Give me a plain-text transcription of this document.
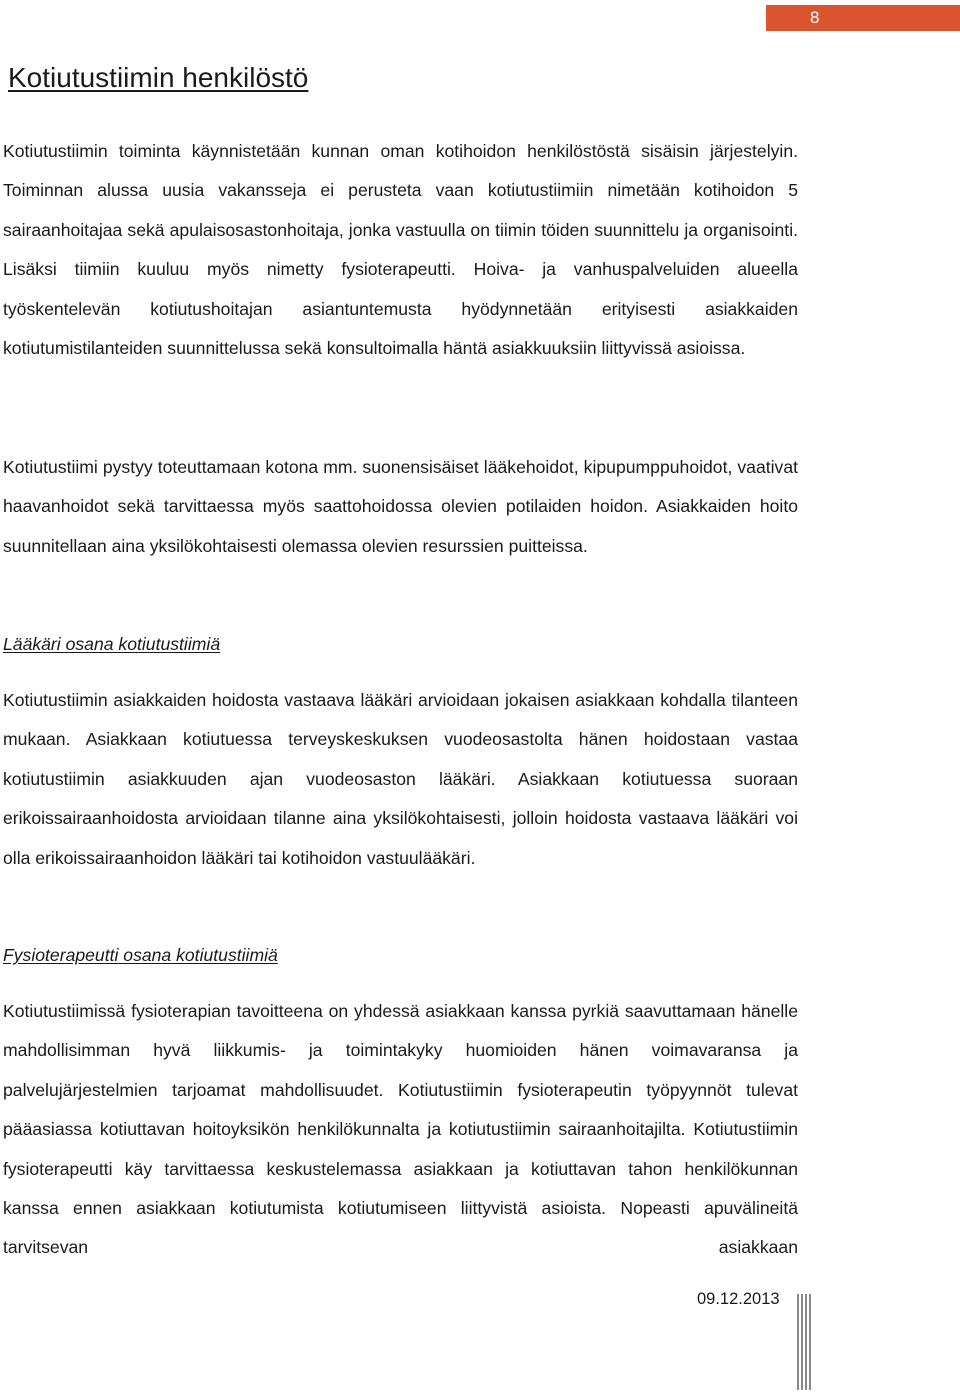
8
Kotiutustiimin henkilöstö

Kotiutustiimin toiminta käynnistetään kunnan oman kotihoidon henkilöstöstä sisäisin järjestelyin. Toiminnan alussa uusia vakansseja ei perusteta vaan kotiutustiimiin nimetään kotihoidon 5 sairaanhoitajaa sekä apulaisosastonhoitaja, jonka vastuulla on tiimin töiden suunnittelu ja organisointi. Lisäksi tiimiin kuuluu myös nimetty fysioterapeutti. Hoiva- ja vanhuspalveluiden alueella työskentelevän kotiutushoitajan asiantuntemusta hyödynnetään erityisesti asiakkaiden kotiutumistilanteiden suunnittelussa sekä konsultoimalla häntä asiakkuuksiin liittyvissä asioissa.

Kotiutustiimi pystyy toteuttamaan kotona mm. suonensisäiset lääkehoidot, kipupumppuhoidot, vaativat haavanhoidot sekä tarvittaessa myös saattohoidossa olevien potilaiden hoidon. Asiakkaiden hoito suunnitellaan aina yksilökohtaisesti olemassa olevien resurssien puitteissa.

Lääkäri osana kotiutustiimiä

Kotiutustiimin asiakkaiden hoidosta vastaava lääkäri arvioidaan jokaisen asiakkaan kohdalla tilanteen mukaan. Asiakkaan kotiutuessa terveyskeskuksen vuodeosastolta hänen hoidostaan vastaa kotiutustiimin asiakkuuden ajan vuodeosaston lääkäri. Asiakkaan kotiutuessa suoraan erikoissairaanhoidosta arvioidaan tilanne aina yksilökohtaisesti, jolloin hoidosta vastaava lääkäri voi olla erikoissairaanhoidon lääkäri tai kotihoidon vastuulääkäri.

Fysioterapeutti osana kotiutustiimiä

Kotiutustiimissä fysioterapian tavoitteena on yhdessä asiakkaan kanssa pyrkiä saavuttamaan hänelle mahdollisimman hyvä liikkumis- ja toimintakyky huomioiden hänen voimavaransa ja palvelujärjestelmien tarjoamat mahdollisuudet. Kotiutustiimin fysioterapeutin työpyynnöt tulevat pääasiassa kotiuttavan hoitoyksikön henkilökunnalta ja kotiutustiimin sairaanhoitajilta. Kotiutustiimin fysioterapeutti käy tarvittaessa keskustelemassa asiakkaan ja kotiuttavan tahon henkilökunnan kanssa ennen asiakkaan kotiutumista kotiutumiseen liittyvistä asioista. Nopeasti apuvälineitä tarvitsevan asiakkaan

09.12.2013
